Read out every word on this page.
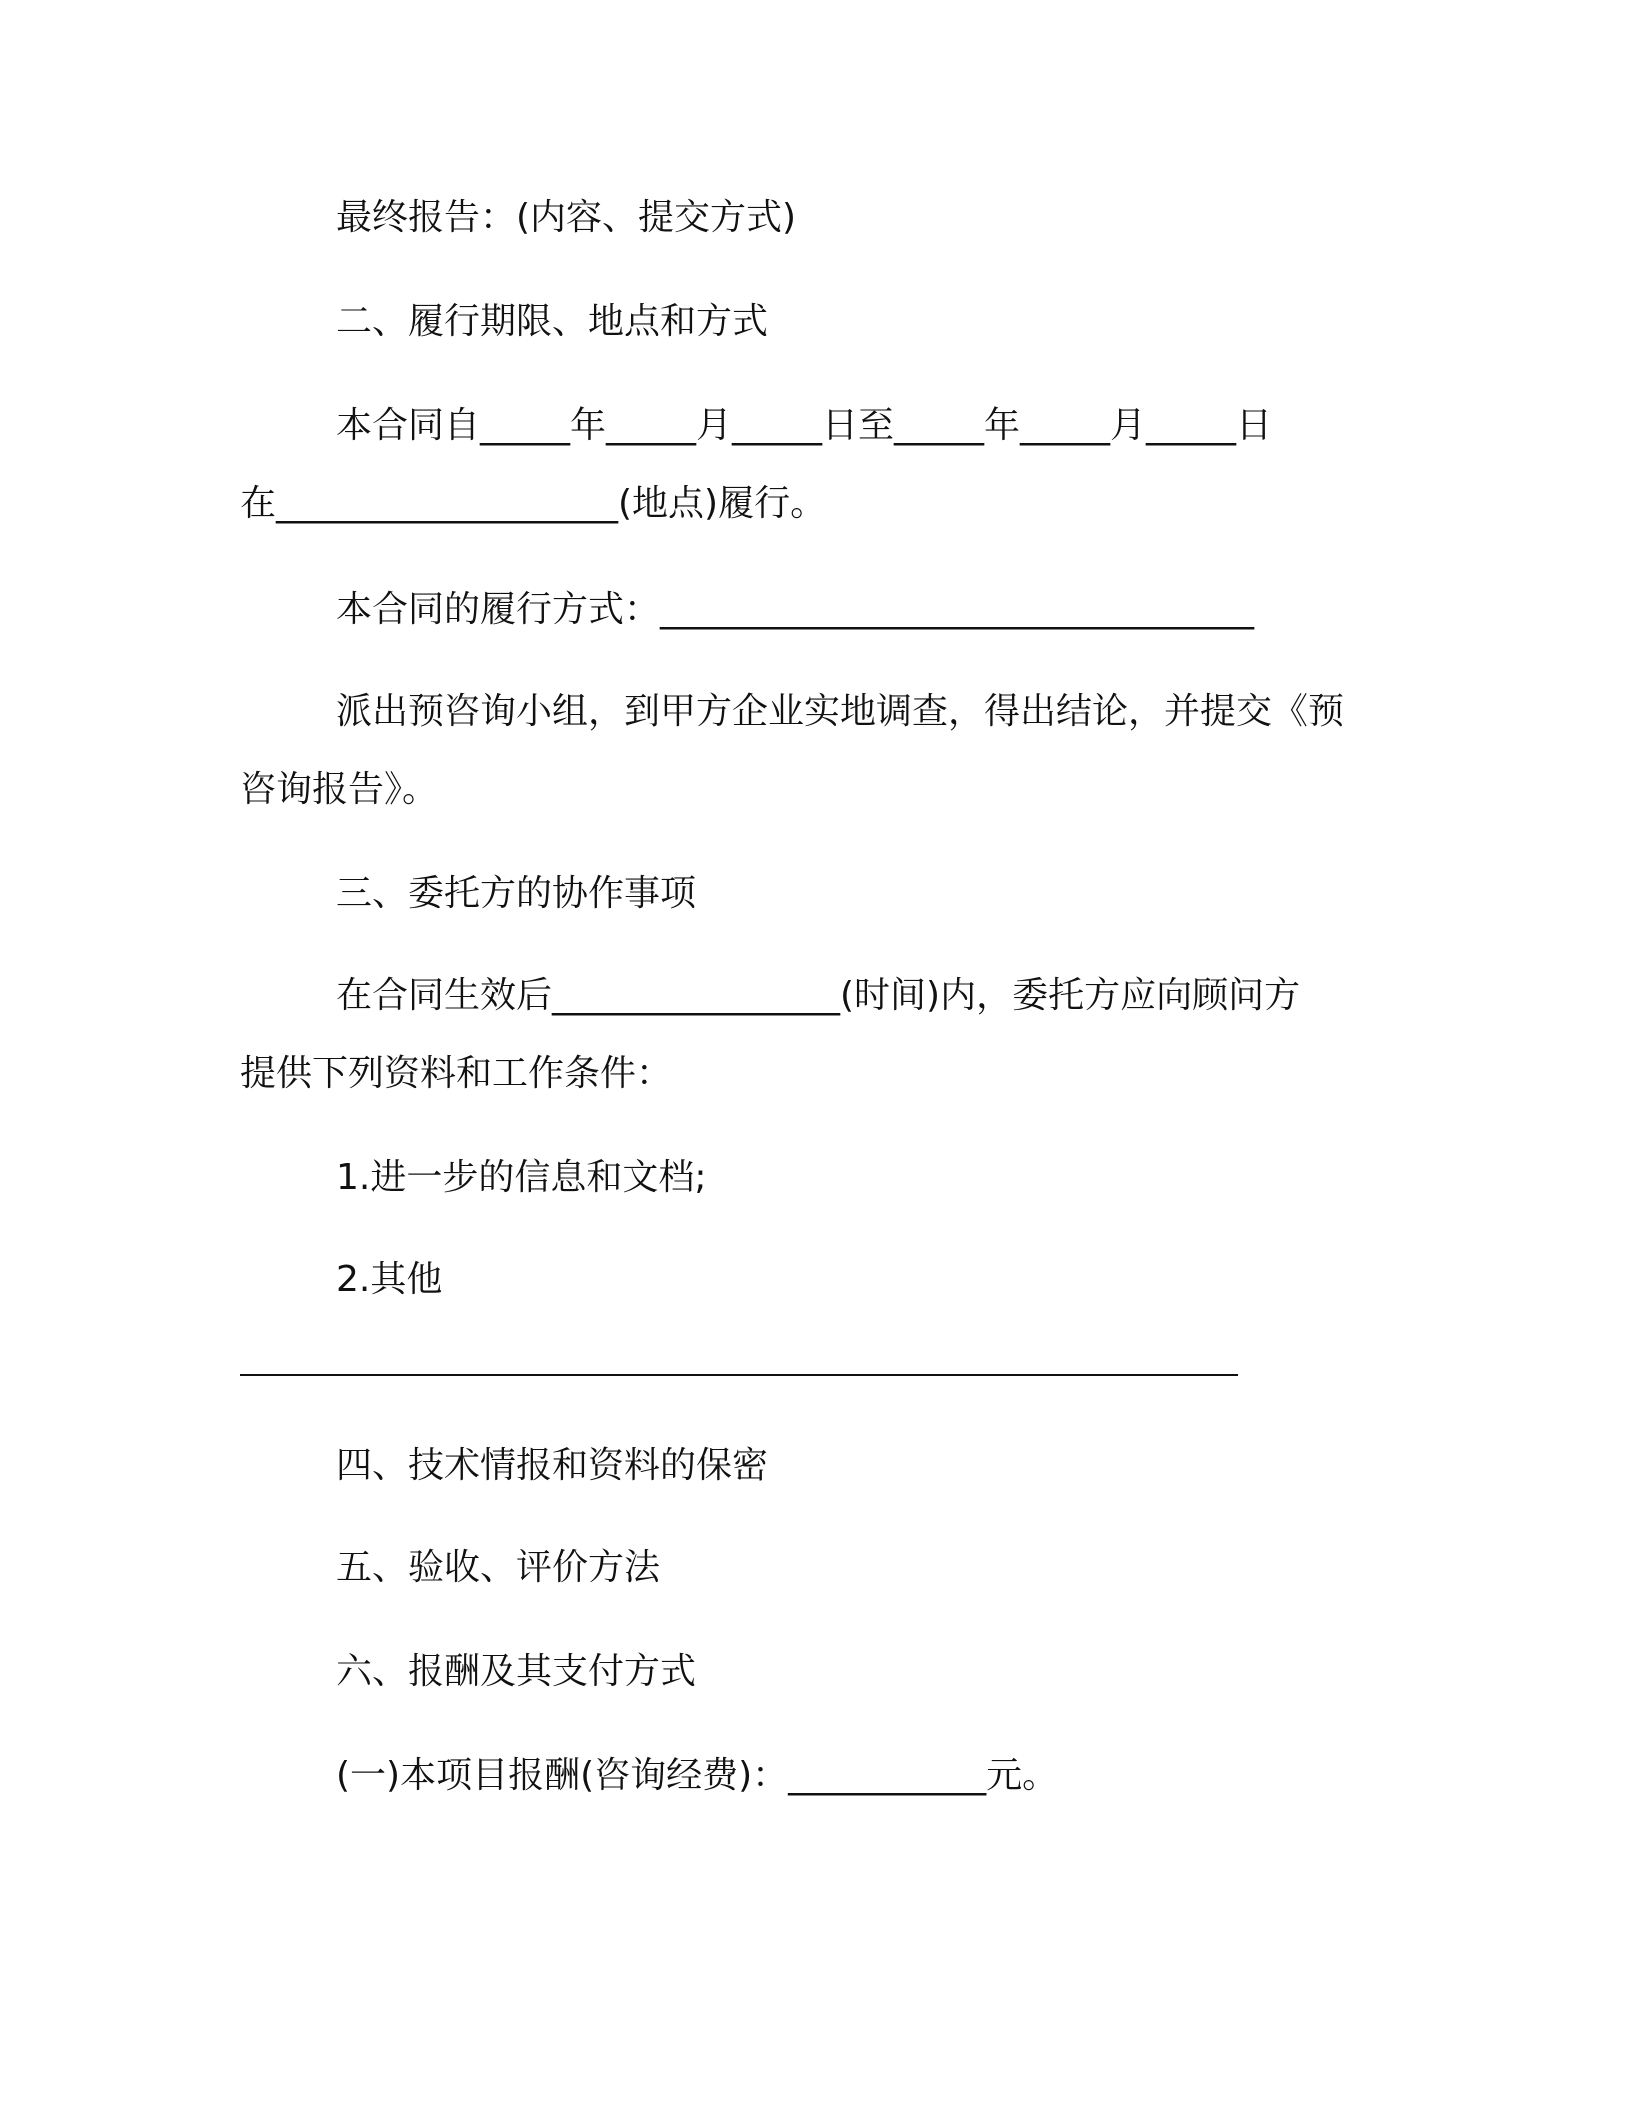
最终报告：(内容、提交方式)
二、履行期限、地点和方式
本合同自_____年_____月_____日至_____年_____月_____日
在___________________(地点)履行。
本合同的履行方式：_________________________________
派出预咨询小组，到甲方企业实地调查，得出结论，并提交《预
咨询报告》。
三、委托方的协作事项
在合同生效后________________(时间)内，委托方应向顾问方
提供下列资料和工作条件：
1.进一步的信息和文档;
2.其他
四、技术情报和资料的保密
五、验收、评价方法
六、报酬及其支付方式
(一)本项目报酬(咨询经费)：___________元。
